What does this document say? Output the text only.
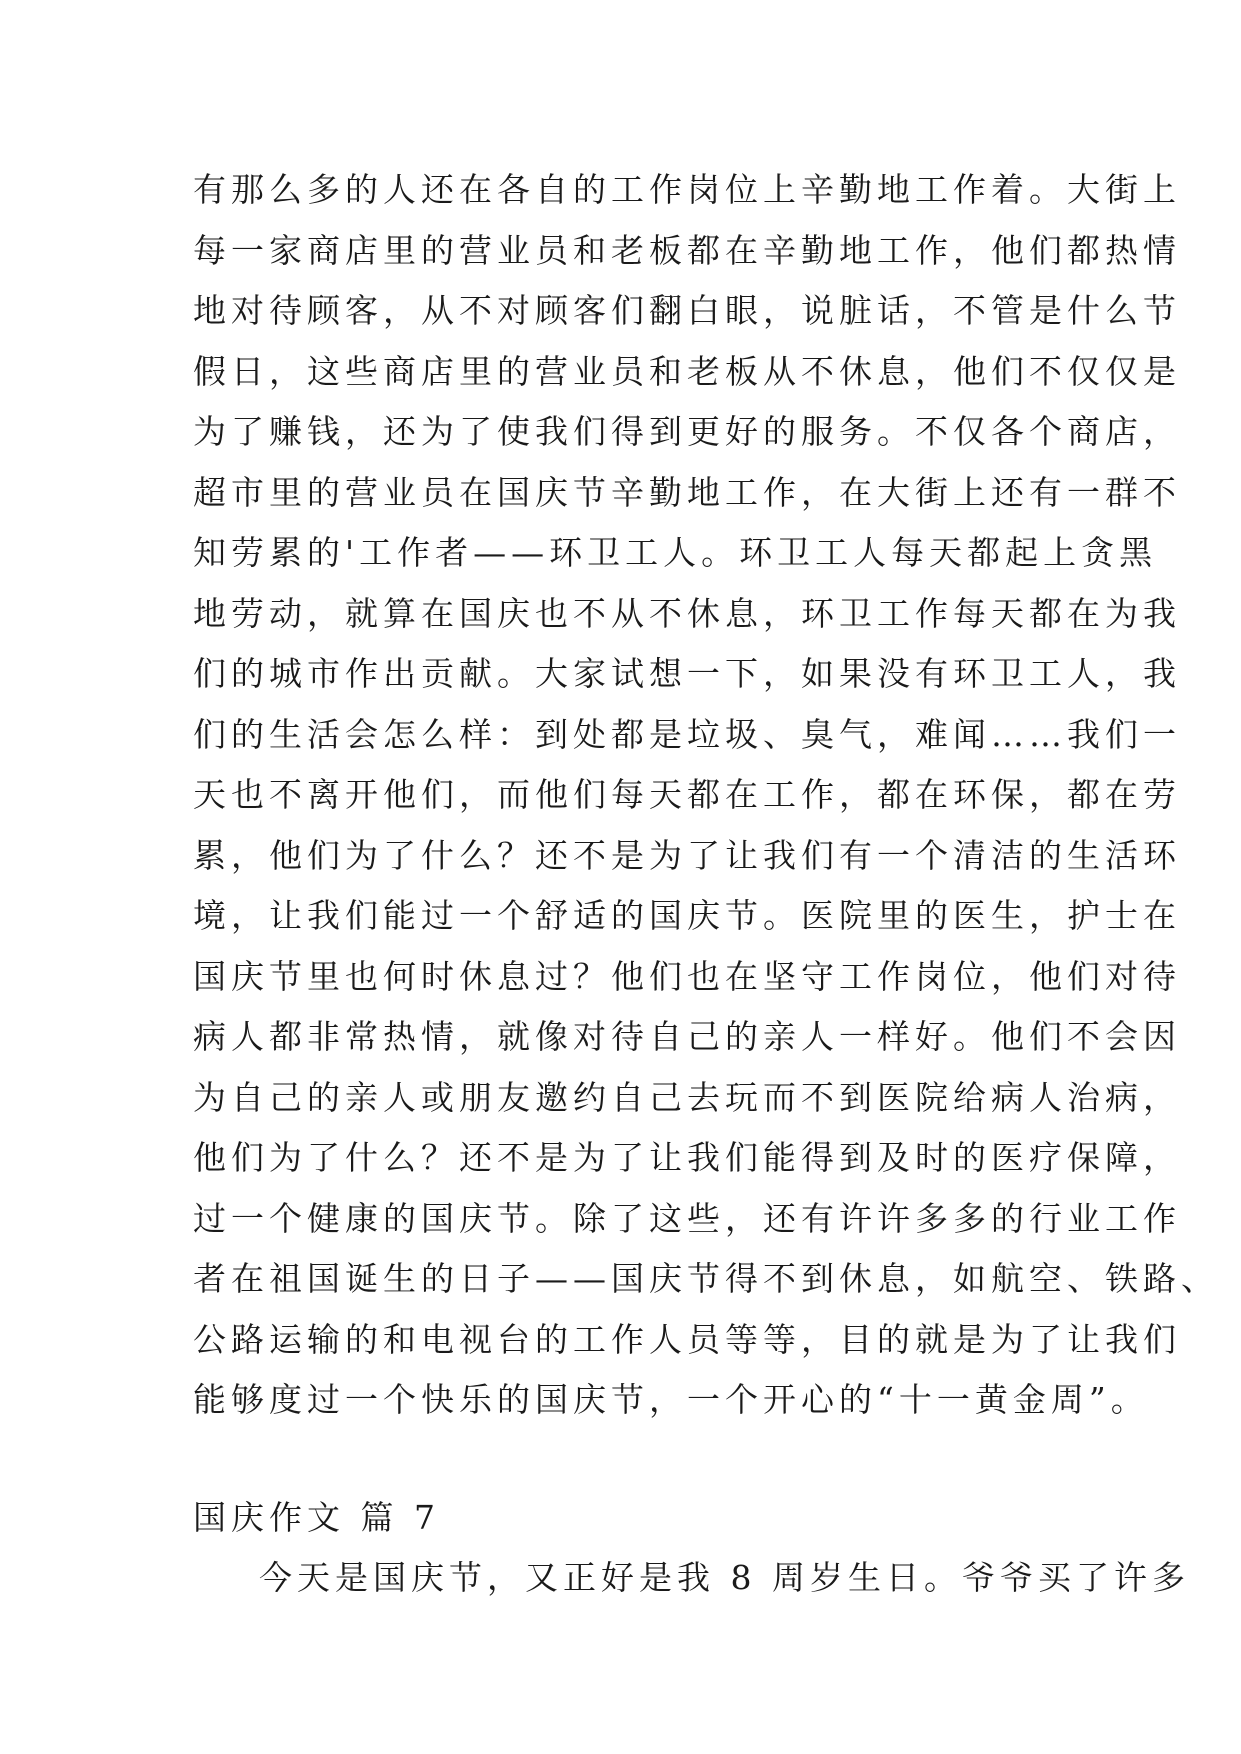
有那么多的人还在各自的工作岗位上辛勤地工作着。大街上
每一家商店里的营业员和老板都在辛勤地工作，他们都热情
地对待顾客，从不对顾客们翻白眼，说脏话，不管是什么节
假日，这些商店里的营业员和老板从不休息，他们不仅仅是
为了赚钱，还为了使我们得到更好的服务。不仅各个商店，
超市里的营业员在国庆节辛勤地工作，在大街上还有一群不
知劳累的'工作者——环卫工人。环卫工人每天都起上贪黑
地劳动，就算在国庆也不从不休息，环卫工作每天都在为我
们的城市作出贡献。大家试想一下，如果没有环卫工人，我
们的生活会怎么样：到处都是垃圾、臭气，难闻……我们一
天也不离开他们，而他们每天都在工作，都在环保，都在劳
累，他们为了什么？还不是为了让我们有一个清洁的生活环
境，让我们能过一个舒适的国庆节。医院里的医生，护士在
国庆节里也何时休息过？他们也在坚守工作岗位，他们对待
病人都非常热情，就像对待自己的亲人一样好。他们不会因
为自己的亲人或朋友邀约自己去玩而不到医院给病人治病，
他们为了什么？还不是为了让我们能得到及时的医疗保障，
过一个健康的国庆节。除了这些，还有许许多多的行业工作
者在祖国诞生的日子——国庆节得不到休息，如航空、铁路、
公路运输的和电视台的工作人员等等，目的就是为了让我们
能够度过一个快乐的国庆节，一个开心的“十一黄金周”。
国庆作文 篇 7
今天是国庆节，又正好是我 8 周岁生日。爷爷买了许多
